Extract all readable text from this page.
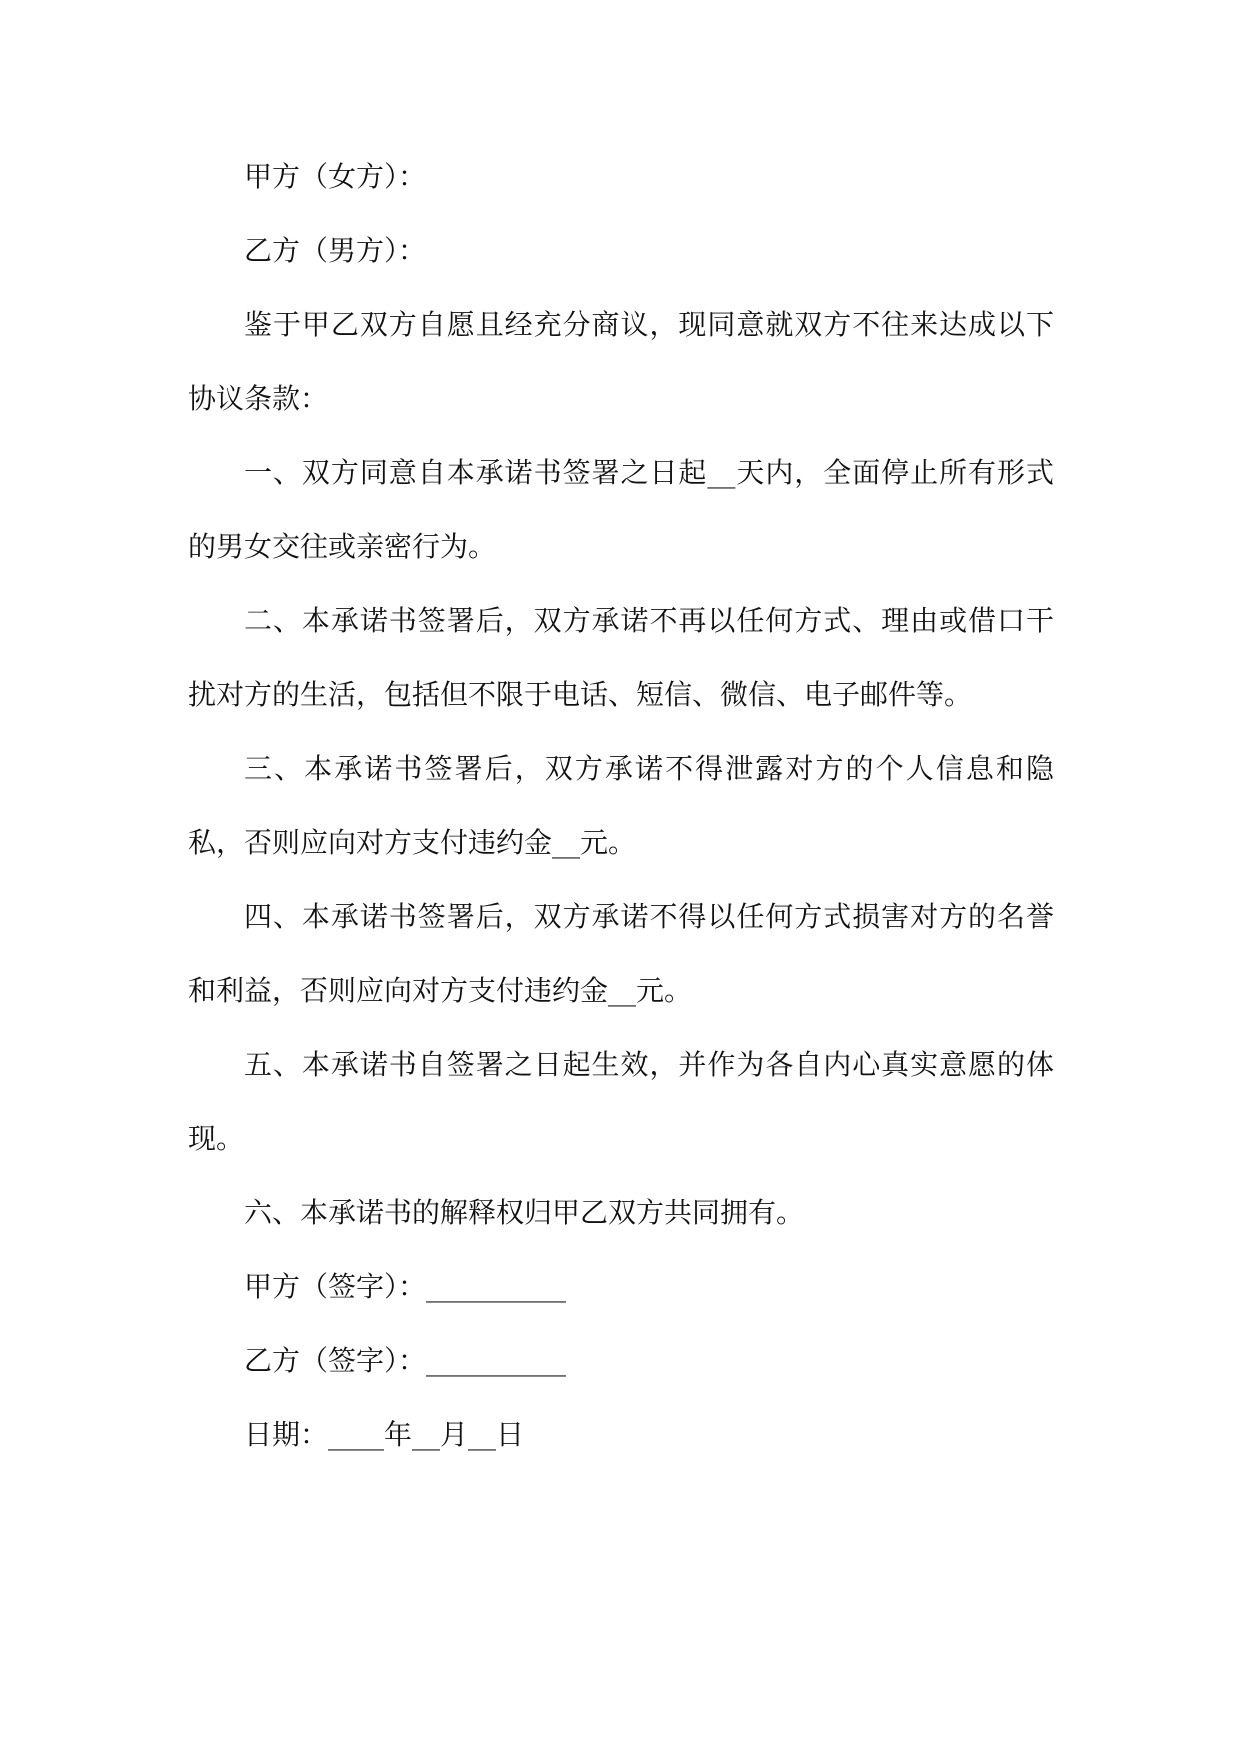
甲方（女方）：

乙方（男方）：

鉴于甲乙双方自愿且经充分商议，现同意就双方不往来达成以下协议条款：

一、双方同意自本承诺书签署之日起__天内，全面停止所有形式的男女交往或亲密行为。

二、本承诺书签署后，双方承诺不再以任何方式、理由或借口干扰对方的生活，包括但不限于电话、短信、微信、电子邮件等。

三、本承诺书签署后，双方承诺不得泄露对方的个人信息和隐私，否则应向对方支付违约金__元。

四、本承诺书签署后，双方承诺不得以任何方式损害对方的名誉和利益，否则应向对方支付违约金__元。

五、本承诺书自签署之日起生效，并作为各自内心真实意愿的体现。

六、本承诺书的解释权归甲乙双方共同拥有。

甲方（签字）：__________

乙方（签字）：__________

日期：____年__月__日
